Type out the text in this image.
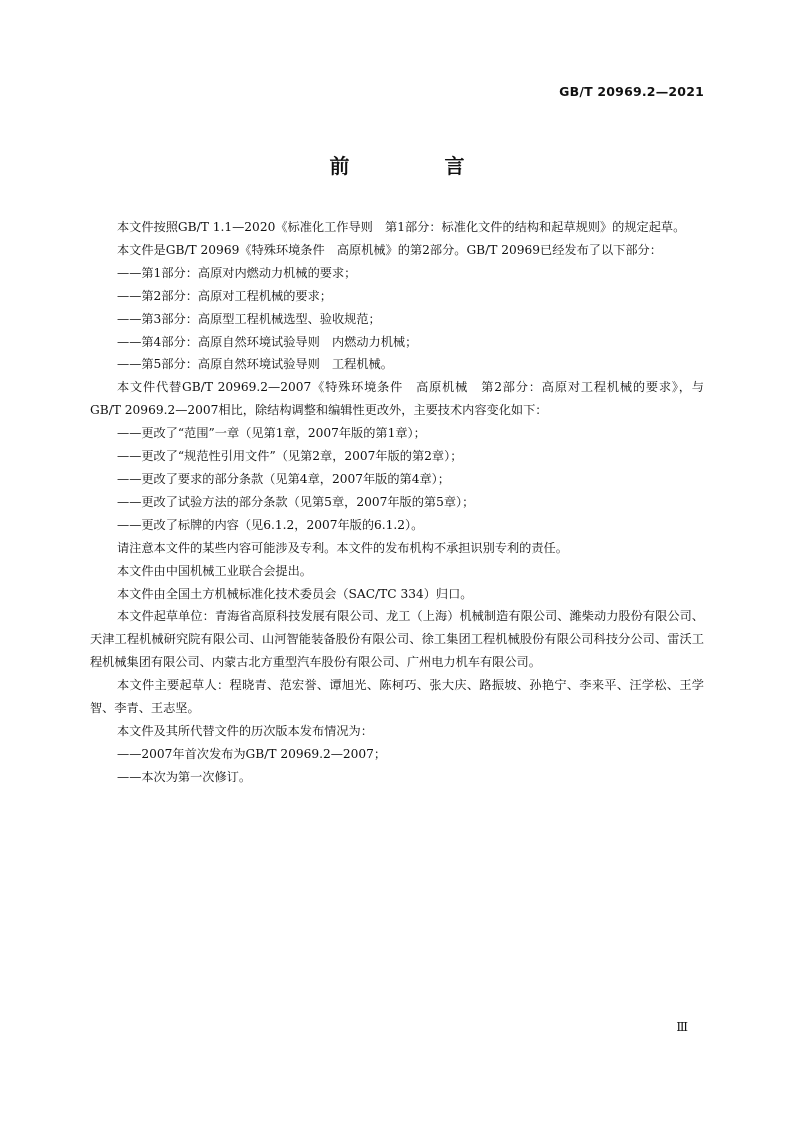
GB/T 20969.2—2021
前 言

本文件按照GB/T 1.1—2020《标准化工作导则　第1部分：标准化文件的结构和起草规则》的规定起草。

本文件是GB/T 20969《特殊环境条件　高原机械》的第2部分。GB/T 20969已经发布了以下部分：

——第1部分：高原对内燃动力机械的要求；

——第2部分：高原对工程机械的要求；

——第3部分：高原型工程机械选型、验收规范；

——第4部分：高原自然环境试验导则　内燃动力机械；

——第5部分：高原自然环境试验导则　工程机械。

本文件代替GB/T 20969.2—2007《特殊环境条件　高原机械　第2部分：高原对工程机械的要求》，与GB/T 20969.2—2007相比，除结构调整和编辑性更改外，主要技术内容变化如下：

——更改了“范围”一章（见第1章，2007年版的第1章）；

——更改了“规范性引用文件”（见第2章，2007年版的第2章）；

——更改了要求的部分条款（见第4章，2007年版的第4章）；

——更改了试验方法的部分条款（见第5章，2007年版的第5章）；

——更改了标牌的内容（见6.1.2，2007年版的6.1.2）。

请注意本文件的某些内容可能涉及专利。本文件的发布机构不承担识别专利的责任。

本文件由中国机械工业联合会提出。

本文件由全国土方机械标准化技术委员会（SAC/TC 334）归口。

本文件起草单位：青海省高原科技发展有限公司、龙工（上海）机械制造有限公司、潍柴动力股份有限公司、天津工程机械研究院有限公司、山河智能装备股份有限公司、徐工集团工程机械股份有限公司科技分公司、雷沃工程机械集团有限公司、内蒙古北方重型汽车股份有限公司、广州电力机车有限公司。

本文件主要起草人：程晓青、范宏誉、谭旭光、陈柯巧、张大庆、路振坡、孙艳宁、李来平、汪学松、王学智、李青、王志坚。

本文件及其所代替文件的历次版本发布情况为：

——2007年首次发布为GB/T 20969.2—2007；

——本次为第一次修订。

Ⅲ
